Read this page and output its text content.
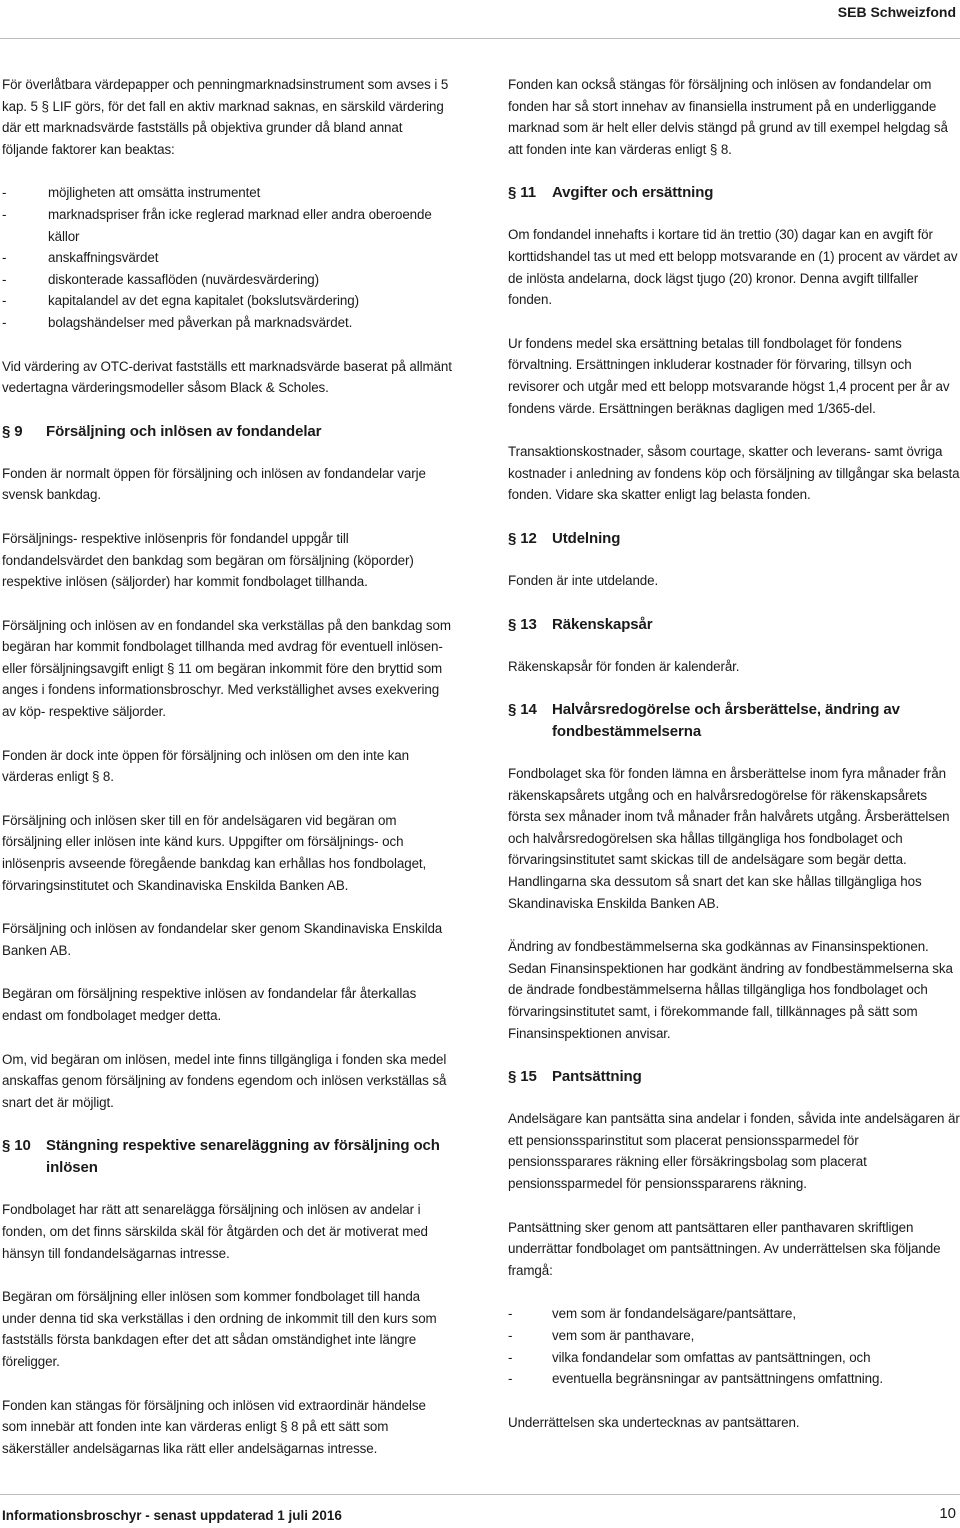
SEB Schweizfond

För överlåtbara värdepapper och penningmarknadsinstrument som avses i 5 kap. 5 § LIF görs, för det fall en aktiv marknad saknas, en särskild värdering där ett marknadsvärde fastställs på objektiva grunder då bland annat följande faktorer kan beaktas:

-	möjligheten att omsätta instrumentet
-	marknadspriser från icke reglerad marknad eller andra oberoende källor
-	anskaffningsvärdet
-	diskonterade kassaflöden (nuvärdesvärdering)
-	kapitalandel av det egna kapitalet (bokslutsvärdering)
-	bolagshändelser med påverkan på marknadsvärdet.

Vid värdering av OTC-derivat fastställs ett marknadsvärde baserat på allmänt vedertagna värderingsmodeller såsom Black & Scholes.

§ 9	Försäljning och inlösen av fondandelar

Fonden är normalt öppen för försäljning och inlösen av fondandelar varje svensk bankdag.

Försäljnings- respektive inlösenpris för fondandel uppgår till fondandelsvärdet den bankdag som begäran om försäljning (köporder) respektive inlösen (säljorder) har kommit fondbolaget tillhanda.

Försäljning och inlösen av en fondandel ska verkställas på den bankdag som begäran har kommit fondbolaget tillhanda med avdrag för eventuell inlösen- eller försäljningsavgift enligt § 11 om begäran inkommit före den bryttid som anges i fondens informationsbroschyr. Med verkställighet avses exekvering av köp- respektive säljorder.

Fonden är dock inte öppen för försäljning och inlösen om den inte kan värderas enligt § 8.

Försäljning och inlösen sker till en för andelsägaren vid begäran om försäljning eller inlösen inte känd kurs. Uppgifter om försäljnings- och inlösenpris avseende föregående bankdag kan erhållas hos fondbolaget, förvaringsinstitutet och Skandinaviska Enskilda Banken AB.

Försäljning och inlösen av fondandelar sker genom Skandinaviska Enskilda Banken AB.

Begäran om försäljning respektive inlösen av fondandelar får återkallas endast om fondbolaget medger detta.

Om, vid begäran om inlösen, medel inte finns tillgängliga i fonden ska medel anskaffas genom försäljning av fondens egendom och inlösen verkställas så snart det är möjligt.

§ 10	Stängning respektive senareläggning av försäljning och inlösen

Fondbolaget har rätt att senarelägga försäljning och inlösen av andelar i fonden, om det finns särskilda skäl för åtgärden och det är motiverat med hänsyn till fondandelsägarnas intresse.

Begäran om försäljning eller inlösen som kommer fondbolaget till handa under denna tid ska verkställas i den ordning de inkommit till den kurs som fastställs första bankdagen efter det att sådan omständighet inte längre föreligger.

Fonden kan stängas för försäljning och inlösen vid extraordinär händelse som innebär att fonden inte kan värderas enligt § 8 på ett sätt som säkerställer andelsägarnas lika rätt eller andelsägarnas intresse.

Fonden kan också stängas för försäljning och inlösen av fondandelar om fonden har så stort innehav av finansiella instrument på en underliggande marknad som är helt eller delvis stängd på grund av till exempel helgdag så att fonden inte kan värderas enligt § 8.

§ 11	Avgifter och ersättning

Om fondandel innehafts i kortare tid än trettio (30) dagar kan en avgift för korttidshandel tas ut med ett belopp motsvarande en (1) procent av värdet av de inlösta andelarna, dock lägst tjugo (20) kronor. Denna avgift tillfaller fonden.

Ur fondens medel ska ersättning betalas till fondbolaget för fondens förvaltning. Ersättningen inkluderar kostnader för förvaring, tillsyn och revisorer och utgår med ett belopp motsvarande högst 1,4 procent per år av fondens värde. Ersättningen beräknas dagligen med 1/365-del.

Transaktionskostnader, såsom courtage, skatter och leverans- samt övriga kostnader i anledning av fondens köp och försäljning av tillgångar ska belasta fonden. Vidare ska skatter enligt lag belasta fonden.

§ 12	Utdelning

Fonden är inte utdelande.

§ 13	Räkenskapsår

Räkenskapsår för fonden är kalenderår.

§ 14	Halvårsredogörelse och årsberättelse, ändring av fondbestämmelserna

Fondbolaget ska för fonden lämna en årsberättelse inom fyra månader från räkenskapsårets utgång och en halvårsredogörelse för räkenskapsårets första sex månader inom två månader från halvårets utgång. Årsberättelsen och halvårsredogörelsen ska hållas tillgängliga hos fondbolaget och förvaringsinstitutet samt skickas till de andelsägare som begär detta. Handlingarna ska dessutom så snart det kan ske hållas tillgängliga hos Skandinaviska Enskilda Banken AB.

Ändring av fondbestämmelserna ska godkännas av Finansinspektionen. Sedan Finansinspektionen har godkänt ändring av fondbestämmelserna ska de ändrade fondbestämmelserna hållas tillgängliga hos fondbolaget och förvaringsinstitutet samt, i förekommande fall, tillkännages på sätt som Finansinspektionen anvisar.

§ 15	Pantsättning

Andelsägare kan pantsätta sina andelar i fonden, såvida inte andelsägaren är ett pensionssparinstitut som placerat pensionssparmedel för pensionssparares räkning eller försäkringsbolag som placerat pensionssparmedel för pensionsspararens räkning.

Pantsättning sker genom att pantsättaren eller panthavaren skriftligen underrättar fondbolaget om pantsättningen. Av underrättelsen ska följande framgå:

-	vem som är fondandelsägare/pantsättare,
-	vem som är panthavare,
-	vilka fondandelar som omfattas av pantsättningen, och
-	eventuella begränsningar av pantsättningens omfattning.

Underrättelsen ska undertecknas av pantsättaren.

Informationsbroschyr - senast uppdaterad 1 juli 2016	10
